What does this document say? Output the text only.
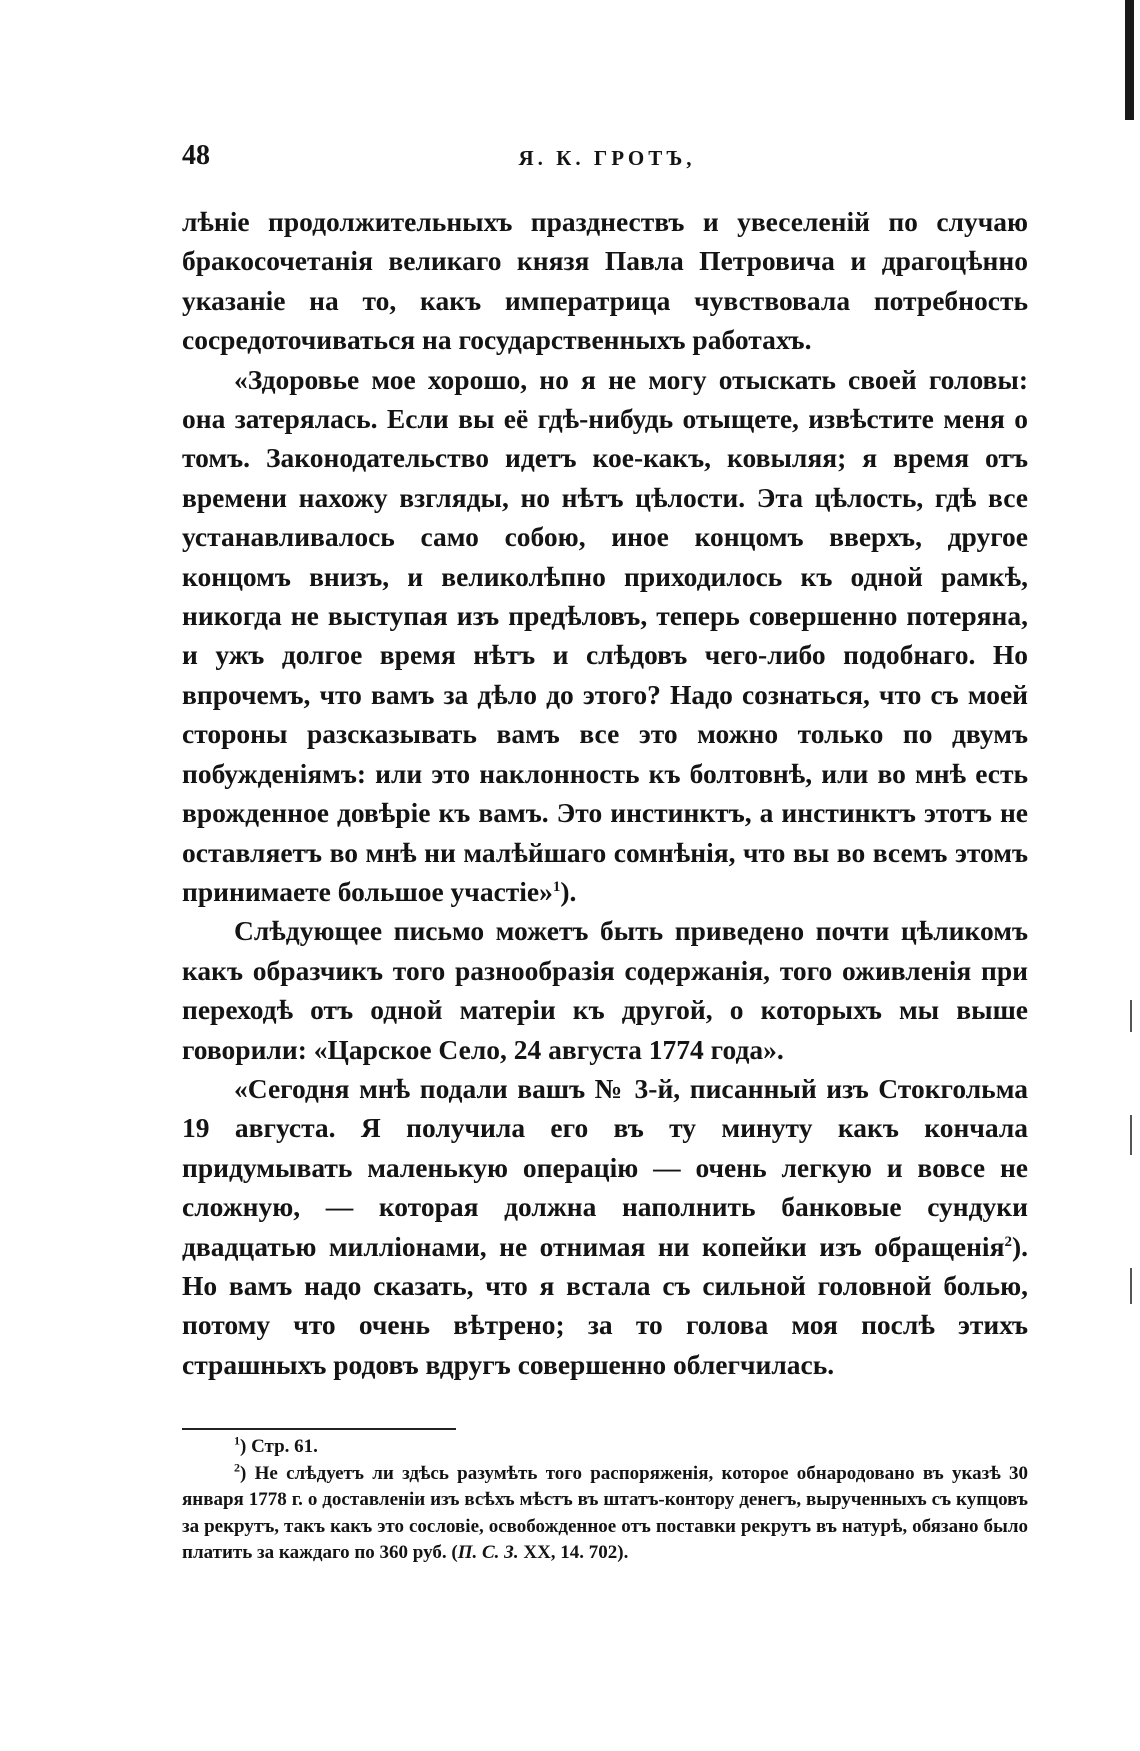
48	Я. К. ГРОТЪ,

лѣніе продолжительныхъ празднествъ и увеселеній по случаю бракосочетанія великаго князя Павла Петровича и драгоцѣнно указаніе на то, какъ императрица чувствовала потребность сосредоточиваться на государственныхъ работахъ.

«Здоровье мое хорошо, но я не могу отыскать своей головы: она затерялась. Если вы её гдѣ-нибудь отыщете, извѣстите меня о томъ. Законодательство идетъ кое-какъ, ковыляя; я время отъ времени нахожу взгляды, но нѣтъ цѣлости. Эта цѣлость, гдѣ все устанавливалось само собою, иное концомъ вверхъ, другое концомъ внизъ, и великолѣпно приходилось къ одной рамкѣ, никогда не выступая изъ предѣловъ, теперь совершенно потеряна, и ужъ долгое время нѣтъ и слѣдовъ чего-либо подобнаго. Но впрочемъ, что вамъ за дѣло до этого? Надо сознаться, что съ моей стороны разсказывать вамъ все это можно только по двумъ побужденіямъ: или это наклонность къ болтовнѣ, или во мнѣ есть врожденное довѣріе къ вамъ. Это инстинктъ, а инстинктъ этотъ не оставляетъ во мнѣ ни малѣйшаго сомнѣнія, что вы во всемъ этомъ принимаете большое участіе»$^1$).

Слѣдующее письмо можетъ быть приведено почти цѣликомъ какъ образчикъ того разнообразія содержанія, того оживленія при переходѣ отъ одной матеріи къ другой, о которыхъ мы выше говорили: «Царское Село, 24 августа 1774 года».

«Сегодня мнѣ подали вашъ № 3-й, писанный изъ Стокгольма 19 августа. Я получила его въ ту минуту какъ кончала придумывать маленькую операцію — очень легкую и вовсе не сложную, — которая должна наполнить банковые сундуки двадцатью милліонами, не отнимая ни копейки изъ обращенія$^2$). Но вамъ надо сказать, что я встала съ сильной головной болью, потому что очень вѣтрено; за то голова моя послѣ этихъ страшныхъ родовъ вдругъ совершенно облегчилась.

$^1$) Стр. 61.

$^2$) Не слѣдуетъ ли здѣсь разумѣть того распоряженія, которое обнародовано въ указѣ 30 января 1778 г. о доставленіи изъ всѣхъ мѣстъ въ штатъ-контору денегъ, вырученныхъ съ купцовъ за рекрутъ, такъ какъ это сословіе, освобожденное отъ поставки рекрутъ въ натурѣ, обязано было платить за каждаго по 360 руб. (П. С. З. XX, 14. 702).
